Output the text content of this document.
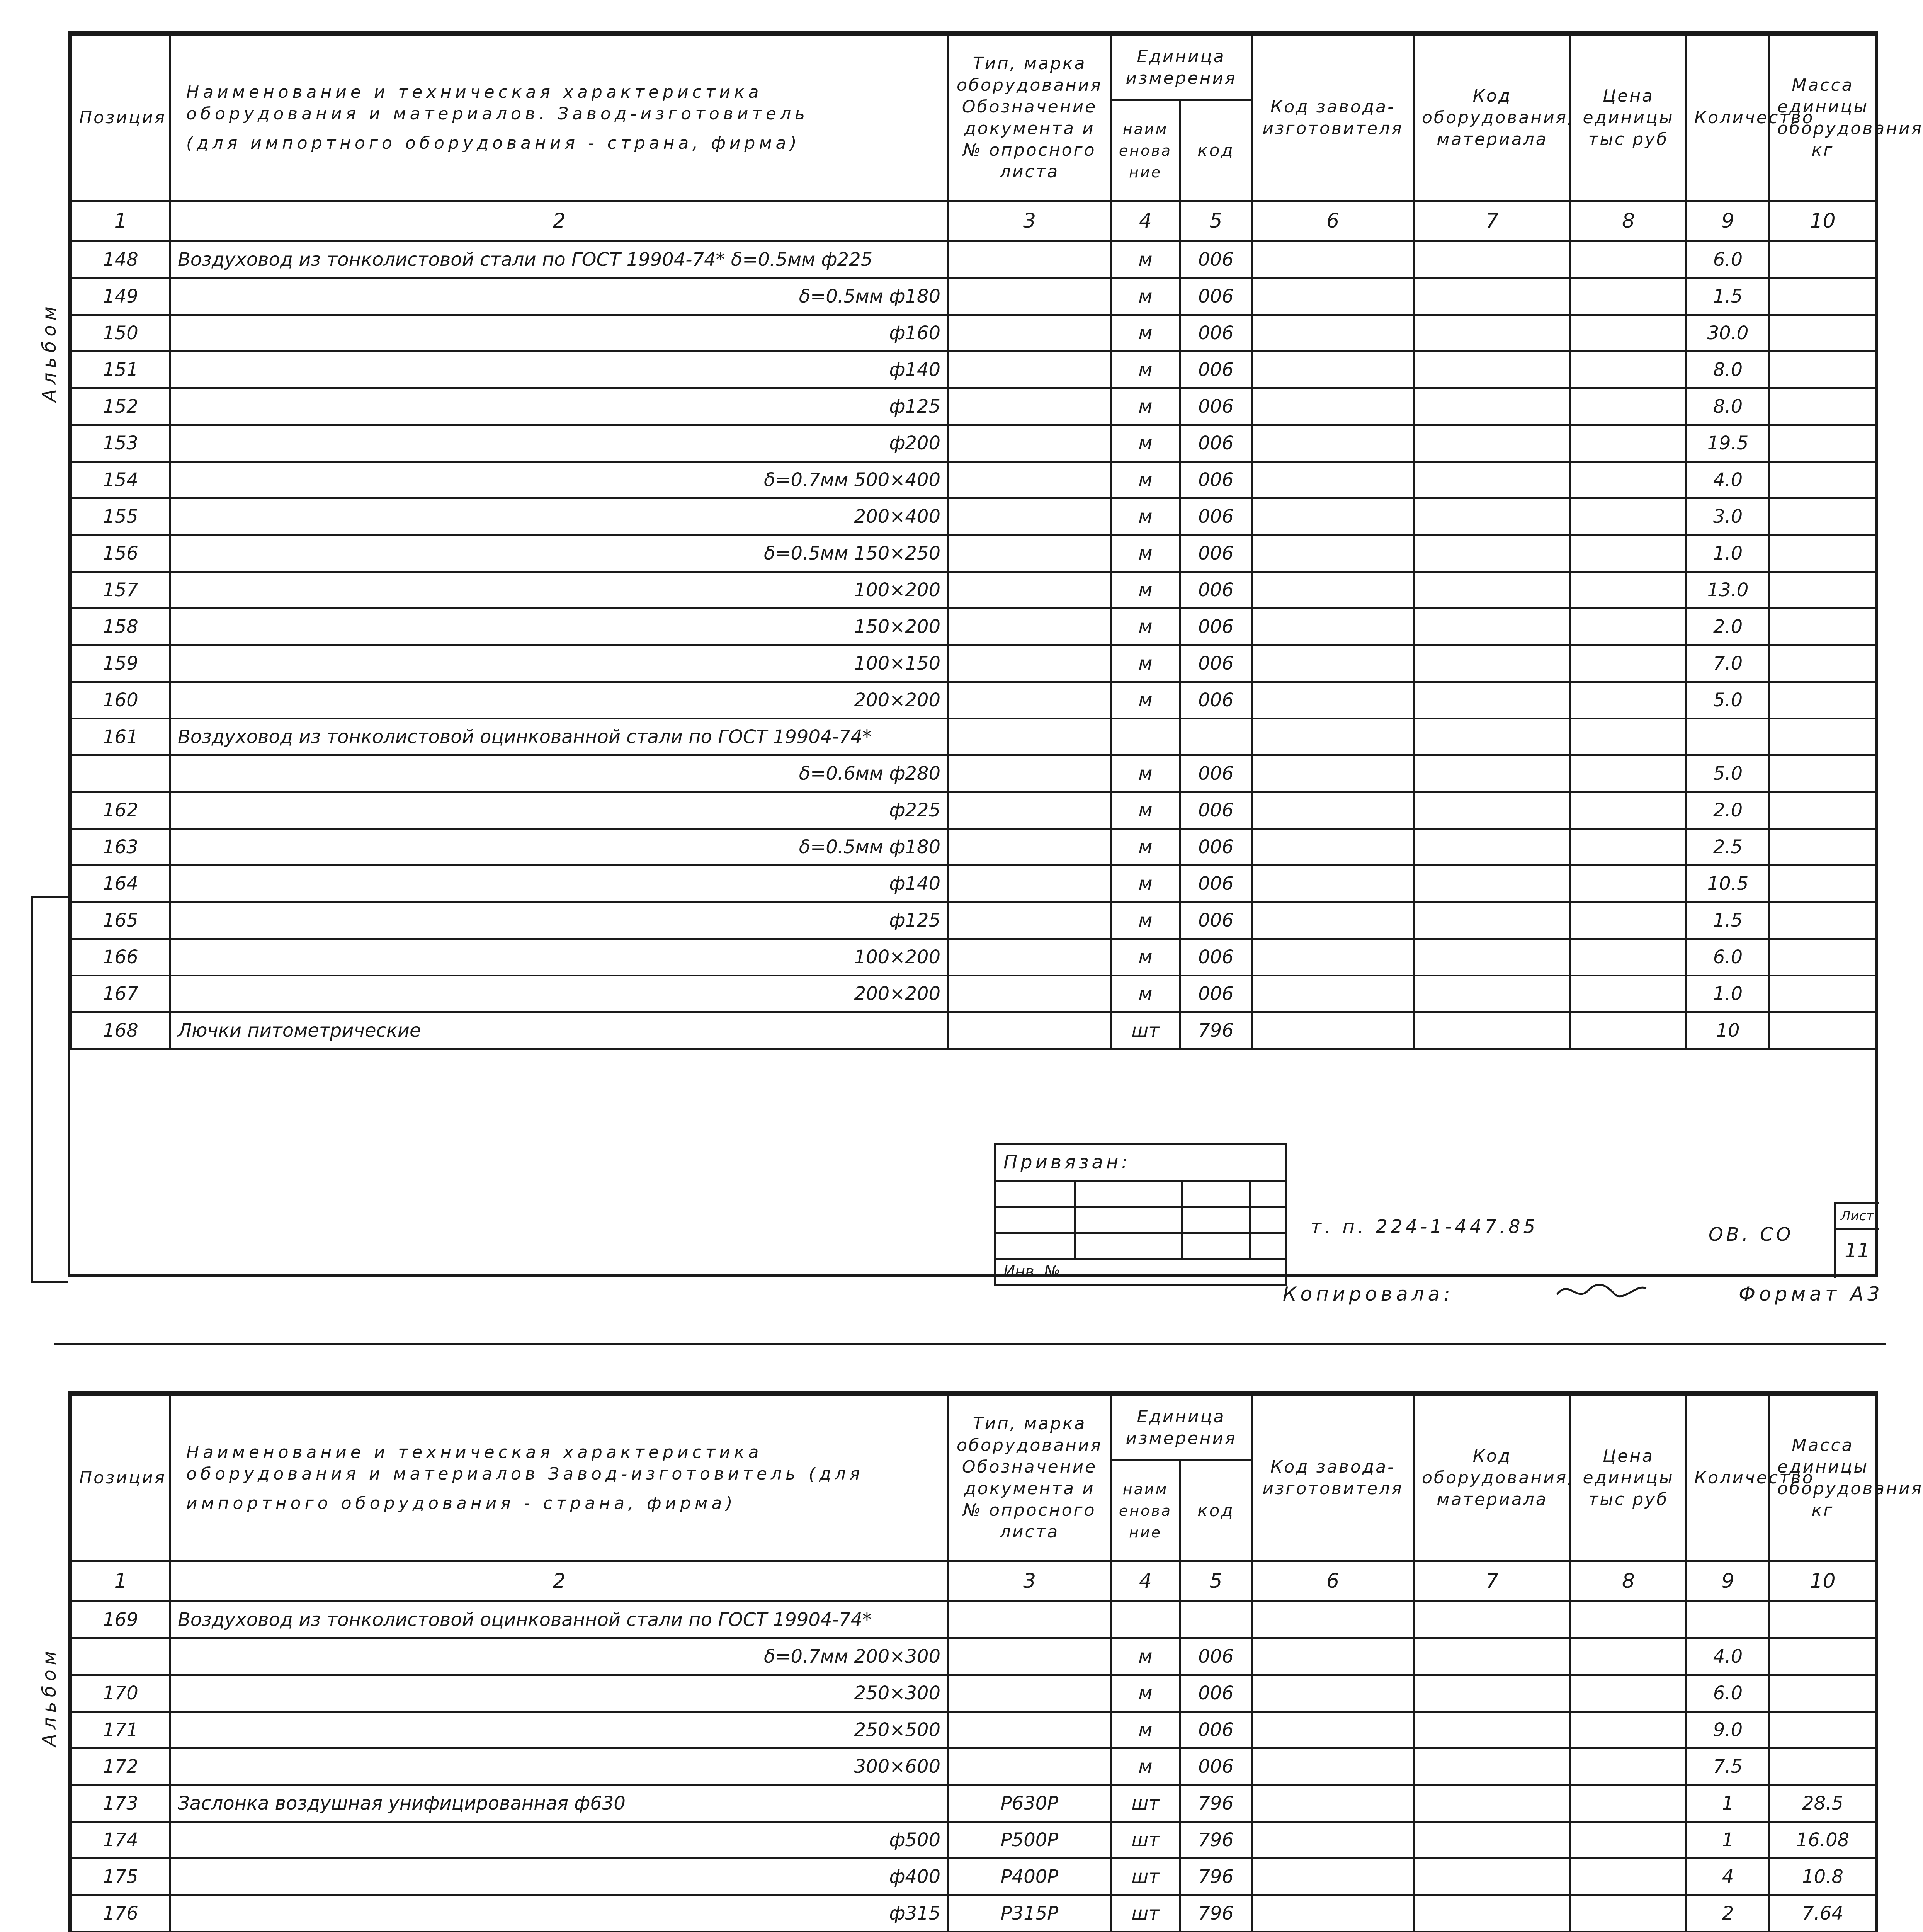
Альбом
Альбом
Позиция	Наименование и техническая характеристика оборудования и материалов. Завод-изготовитель
(для импортного оборудования - страна, фирма)	Тип, марка оборудования Обозначение документа и № опросного листа	Единица измерения		Код завода-изготовителя	Код оборудования, материала	Цена единицы тыс руб	Количество	Масса единицы оборудования кг
			наименование	код					
1	2	3	4	5	6	7	8	9	10
148	Воздуховод из тонколистовой стали по ГОСТ 19904-74* δ=0.5мм ф225		м	006				6.0	
149	δ=0.5мм ф180		м	006				1.5	
150	ф160		м	006				30.0	
151	ф140		м	006				8.0	
152	ф125		м	006				8.0	
153	ф200		м	006				19.5	
154	δ=0.7мм 500×400		м	006				4.0	
155	200×400		м	006				3.0	
156	δ=0.5мм 150×250		м	006				1.0	
157	100×200		м	006				13.0	
158	150×200		м	006				2.0	
159	100×150		м	006				7.0	
160	200×200		м	006				5.0	
161	Воздуховод из тонколистовой оцинкованной стали по ГОСТ 19904-74*								
	δ=0.6мм ф280		м	006				5.0	
162	ф225		м	006				2.0	
163	δ=0.5мм ф180		м	006				2.5	
164	ф140		м	006				10.5	
165	ф125		м	006				1.5	
166	100×200		м	006				6.0	
167	200×200		м	006				1.0	
168	Лючки питометрические		шт	796				10	
Привязан:			

Инв. №			
т. п. 224-1-447.85	ОВ. СО
Лист
11
Копировала:	Формат А3
Позиция	Наименование и техническая характеристика оборудования и материалов Завод-изготовитель (для
импортного оборудования - страна, фирма)	Тип, марка оборудования Обозначение документа и № опросного листа	Единица измерения		Код завода-изготовителя	Код оборудования, материала	Цена единицы тыс руб	Количество	Масса единицы оборудования кг
			наименование	код					
1	2	3	4	5	6	7	8	9	10
169	Воздуховод из тонколистовой оцинкованной стали по ГОСТ 19904-74*								
	δ=0.7мм 200×300		м	006				4.0	
170	250×300		м	006				6.0	
171	250×500		м	006				9.0	
172	300×600		м	006				7.5	
173	Заслонка воздушная унифицированная ф630	Р630Р	шт	796				1	28.5
174	ф500	Р500Р	шт	796				1	16.08
175	ф400	Р400Р	шт	796				4	10.8
176	ф315	Р315Р	шт	796				2	7.64
